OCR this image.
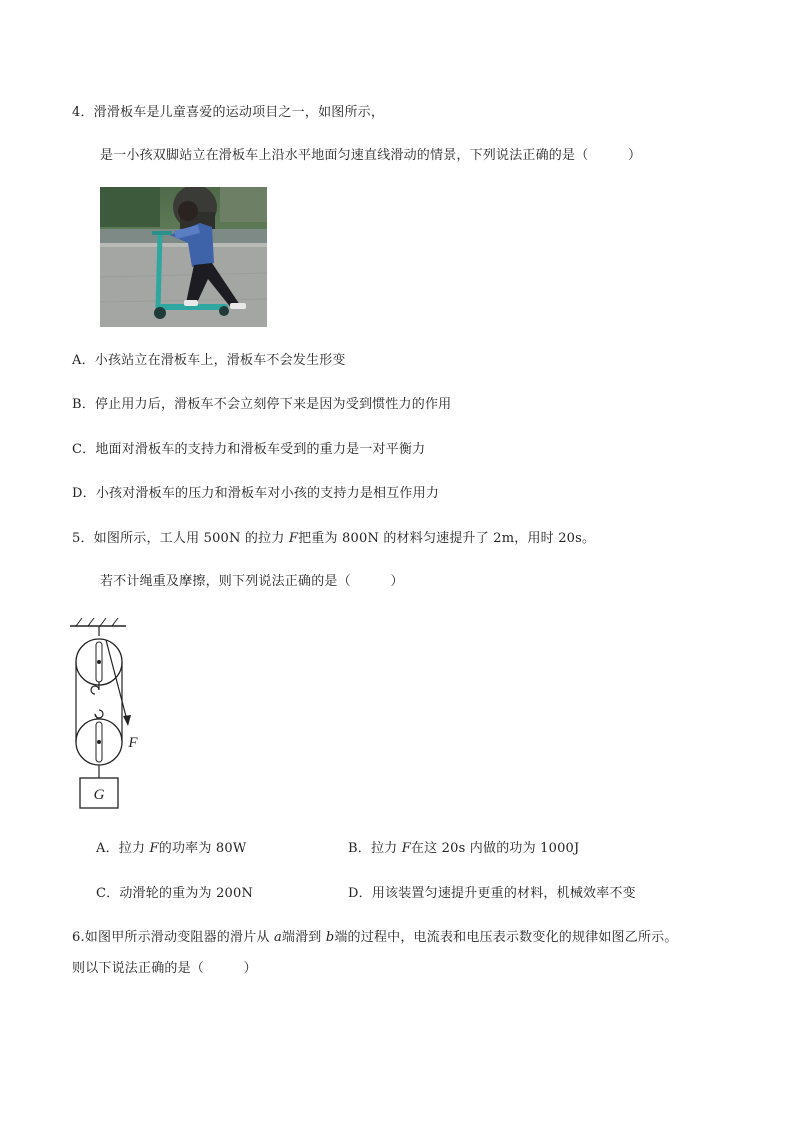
4．滑滑板车是儿童喜爱的运动项目之一，如图所示，
是一小孩双脚站立在滑板车上沿水平地面匀速直线滑动的情景，下列说法正确的是（　　　）
A．小孩站立在滑板车上，滑板车不会发生形变
B．停止用力后，滑板车不会立刻停下来是因为受到惯性力的作用
C．地面对滑板车的支持力和滑板车受到的重力是一对平衡力
D．小孩对滑板车的压力和滑板车对小孩的支持力是相互作用力
5．如图所示，工人用 500N 的拉力 F把重为 800N 的材料匀速提升了 2m，用时 20s。
若不计绳重及摩擦，则下列说法正确的是（　　　）
F
G
A．拉力 F的功率为 80W	B．拉力 F在这 20s 内做的功为 1000J
C．动滑轮的重为为 200N	D．用该装置匀速提升更重的材料，机械效率不变
6.如图甲所示滑动变阻器的滑片从 a端滑到 b端的过程中，电流表和电压表示数变化的规律如图乙所示。
则以下说法正确的是（　　　）
